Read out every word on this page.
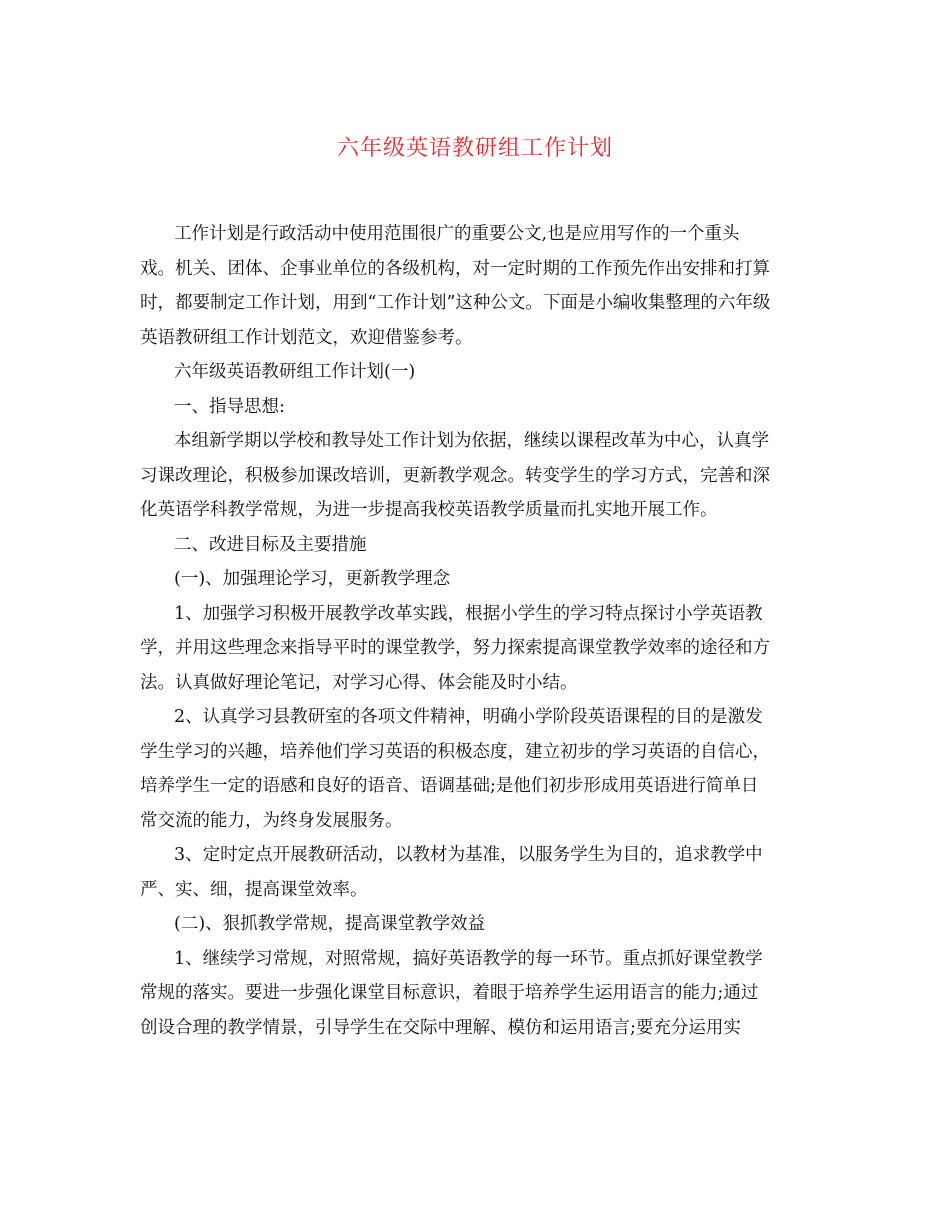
六年级英语教研组工作计划
工作计划是行政活动中使用范围很广的重要公文,也是应用写作的一个重头
戏。机关、团体、企事业单位的各级机构，对一定时期的工作预先作出安排和打算
时，都要制定工作计划，用到“工作计划”这种公文。下面是小编收集整理的六年级
英语教研组工作计划范文，欢迎借鉴参考。
六年级英语教研组工作计划(一)
一、指导思想:
本组新学期以学校和教导处工作计划为依据，继续以课程改革为中心，认真学
习课改理论，积极参加课改培训，更新教学观念。转变学生的学习方式，完善和深
化英语学科教学常规，为进一步提高我校英语教学质量而扎实地开展工作。
二、改进目标及主要措施
(一)、加强理论学习，更新教学理念
1、加强学习积极开展教学改革实践，根据小学生的学习特点探讨小学英语教
学，并用这些理念来指导平时的课堂教学，努力探索提高课堂教学效率的途径和方
法。认真做好理论笔记，对学习心得、体会能及时小结。
2、认真学习县教研室的各项文件精神，明确小学阶段英语课程的目的是激发
学生学习的兴趣，培养他们学习英语的积极态度，建立初步的学习英语的自信心，
培养学生一定的语感和良好的语音、语调基础;是他们初步形成用英语进行简单日
常交流的能力，为终身发展服务。
3、定时定点开展教研活动，以教材为基准，以服务学生为目的，追求教学中
严、实、细，提高课堂效率。
(二)、狠抓教学常规，提高课堂教学效益
1、继续学习常规，对照常规，搞好英语教学的每一环节。重点抓好课堂教学
常规的落实。要进一步强化课堂目标意识，着眼于培养学生运用语言的能力;通过
创设合理的教学情景，引导学生在交际中理解、模仿和运用语言;要充分运用实
